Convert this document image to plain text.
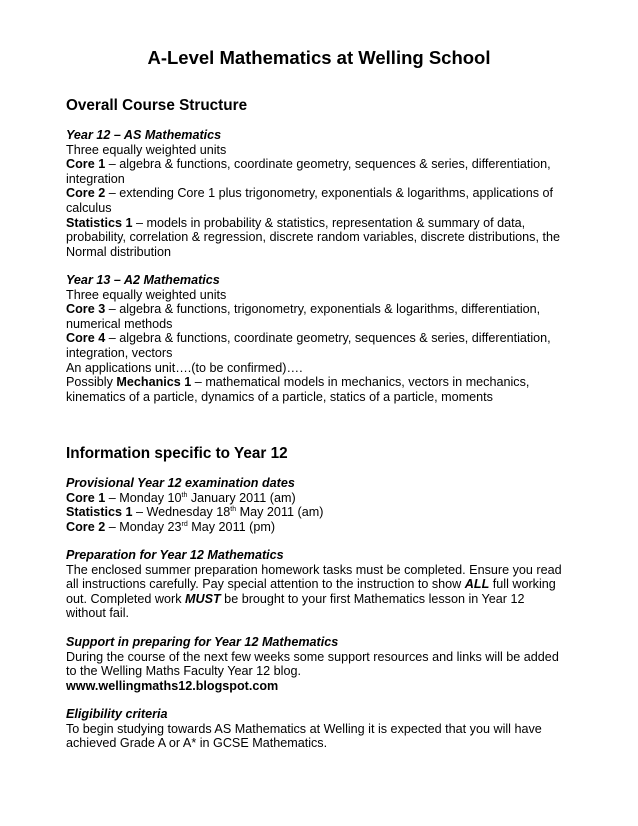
A-Level Mathematics at Welling School
Overall Course Structure
Year 12 – AS Mathematics
Three equally weighted units
Core 1 – algebra & functions, coordinate geometry, sequences & series, differentiation,
integration
Core 2 – extending Core 1 plus trigonometry, exponentials & logarithms, applications of
calculus
Statistics 1 – models in probability & statistics, representation & summary of data,
probability, correlation & regression, discrete random variables, discrete distributions, the
Normal distribution
Year 13 – A2 Mathematics
Three equally weighted units
Core 3 – algebra & functions, trigonometry, exponentials & logarithms, differentiation,
numerical methods
Core 4 – algebra & functions, coordinate geometry, sequences & series, differentiation,
integration, vectors
An applications unit….(to be confirmed)….
Possibly Mechanics 1 – mathematical models in mechanics, vectors in mechanics,
kinematics of a particle, dynamics of a particle, statics of a particle, moments
Information specific to Year 12
Provisional Year 12 examination dates
Core 1 – Monday 10th January 2011 (am)
Statistics 1 – Wednesday 18th May 2011 (am)
Core 2 – Monday 23rd May 2011 (pm)
Preparation for Year 12 Mathematics
The enclosed summer preparation homework tasks must be completed. Ensure you read
all instructions carefully. Pay special attention to the instruction to show ALL full working
out. Completed work MUST be brought to your first Mathematics lesson in Year 12
without fail.
Support in preparing for Year 12 Mathematics
During the course of the next few weeks some support resources and links will be added
to the Welling Maths Faculty Year 12 blog.
www.wellingmaths12.blogspot.com
Eligibility criteria
To begin studying towards AS Mathematics at Welling it is expected that you will have
achieved Grade A or A* in GCSE Mathematics.
